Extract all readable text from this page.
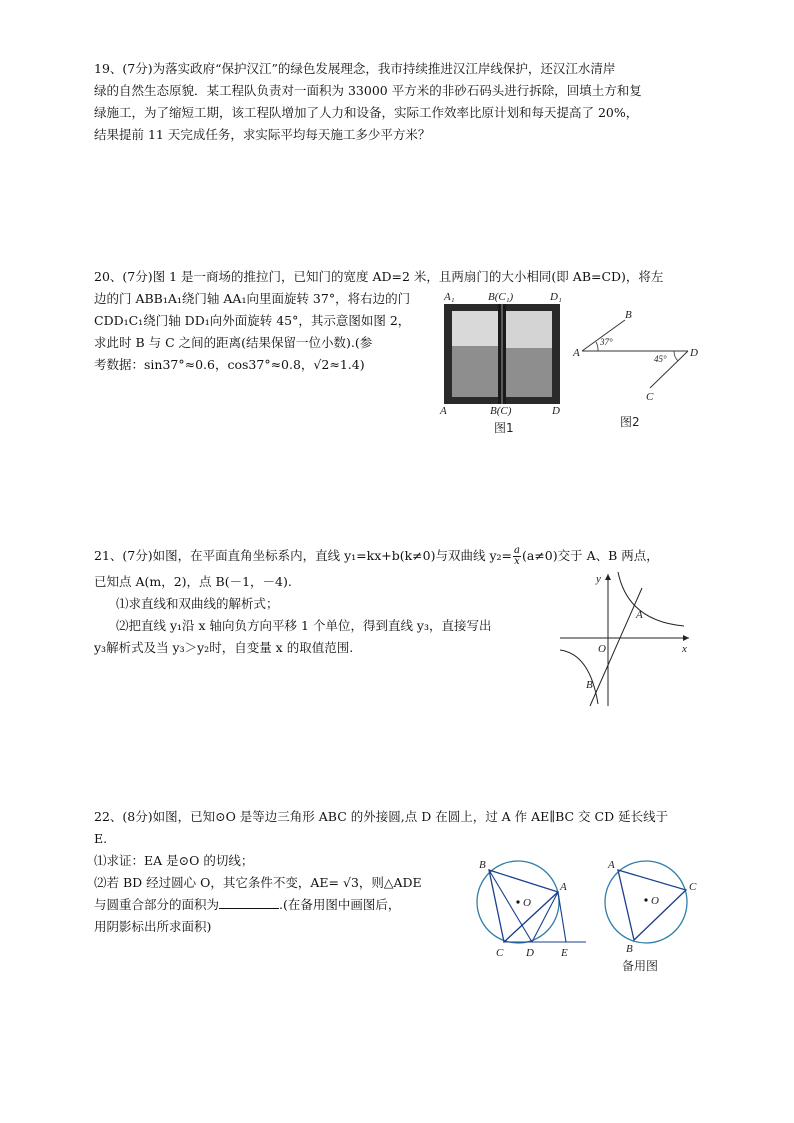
19、(7分)为落实政府“保护汉江”的绿色发展理念，我市持续推进汉江岸线保护，还汉江水清岸
绿的自然生态原貌．某工程队负责对一面积为 33000 平方米的非砂石码头进行拆除，回填土方和复
绿施工，为了缩短工期，该工程队增加了人力和设备，实际工作效率比原计划和每天提高了 20%，
结果提前 11 天完成任务，求实际平均每天施工多少平方米？
20、(7分)图 1 是一商场的推拉门，已知门的宽度 AD=2 米，且两扇门的大小相同(即 AB=CD)，将左
边的门 ABB₁A₁绕门轴 AA₁向里面旋转 37°，将右边的门
CDD₁C₁绕门轴 DD₁向外面旋转 45°，其示意图如图 2，
求此时 B 与 C 之间的距离(结果保留一位小数).(参
考数据：sin37°≈0.6，cos37°≈0.8，√2≈1.4)
A₁	B(C₁)	D₁
A	B(C)	D
图1
A
B
D
C
37°
45°
图2
21、(7分)如图，在平面直角坐标系内，直线 y₁=kx+b(k≠0)与双曲线 $y_2= \frac{a}{x} (a\ne 0)$交于 A、B 两点，
已知点 A(m，2)，点 B(－1，－4).
⑴求直线和双曲线的解析式；
⑵把直线 y₁沿 x 轴向负方向平移 1 个单位，得到直线 y₃，直接写出
y₃解析式及当 y₃＞y₂时，自变量 x 的取值范围.
y
x
O
A
B
22、(8分)如图，已知⊙O 是等边三角形 ABC 的外接圆,点 D 在圆上，过 A 作 AE∥BC 交 CD 延长线于
E.
⑴求证：EA 是⊙O 的切线；
⑵若 BD 经过圆心 O，其它条件不变，AE= √3，则△ADE
与圆重合部分的面积为	.(在备用图中画图后，
用阴影标出所求面积)
B
A
O
C D E
A
C
O
B
备用图
